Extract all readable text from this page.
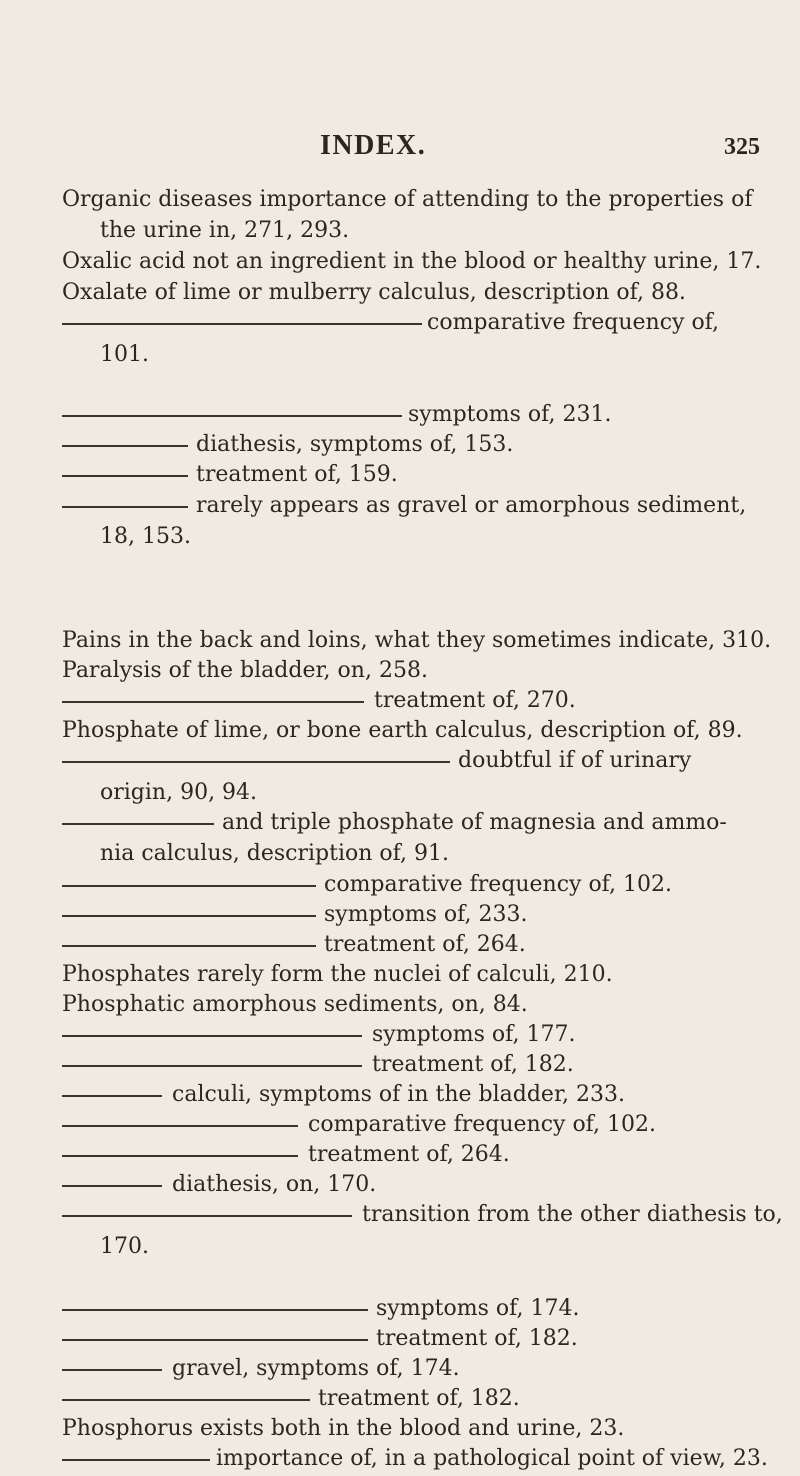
INDEX.	325
Organic diseases importance of attending to the properties of
the urine in, 271, 293.
Oxalic acid not an ingredient in the blood or healthy urine, 17.
Oxalate of lime or mulberry calculus, description of, 88.
comparative frequency of,
101.
symptoms of, 231.
diathesis, symptoms of, 153.
treatment of, 159.
rarely appears as gravel or amorphous sediment,
18, 153.
Pains in the back and loins, what they sometimes indicate, 310.
Paralysis of the bladder, on, 258.
treatment of, 270.
Phosphate of lime, or bone earth calculus, description of, 89.
doubtful if of urinary
origin, 90, 94.
and triple phosphate of magnesia and ammo-
nia calculus, description of, 91.
comparative frequency of, 102.
symptoms of, 233.
treatment of, 264.
Phosphates rarely form the nuclei of calculi, 210.
Phosphatic amorphous sediments, on, 84.
symptoms of, 177.
treatment of, 182.
calculi, symptoms of in the bladder, 233.
comparative frequency of, 102.
treatment of, 264.
diathesis, on, 170.
transition from the other diathesis to,
170.
symptoms of, 174.
treatment of, 182.
gravel, symptoms of, 174.
treatment of, 182.
Phosphorus exists both in the blood and urine, 23.
importance of, in a pathological point of view, 23.
